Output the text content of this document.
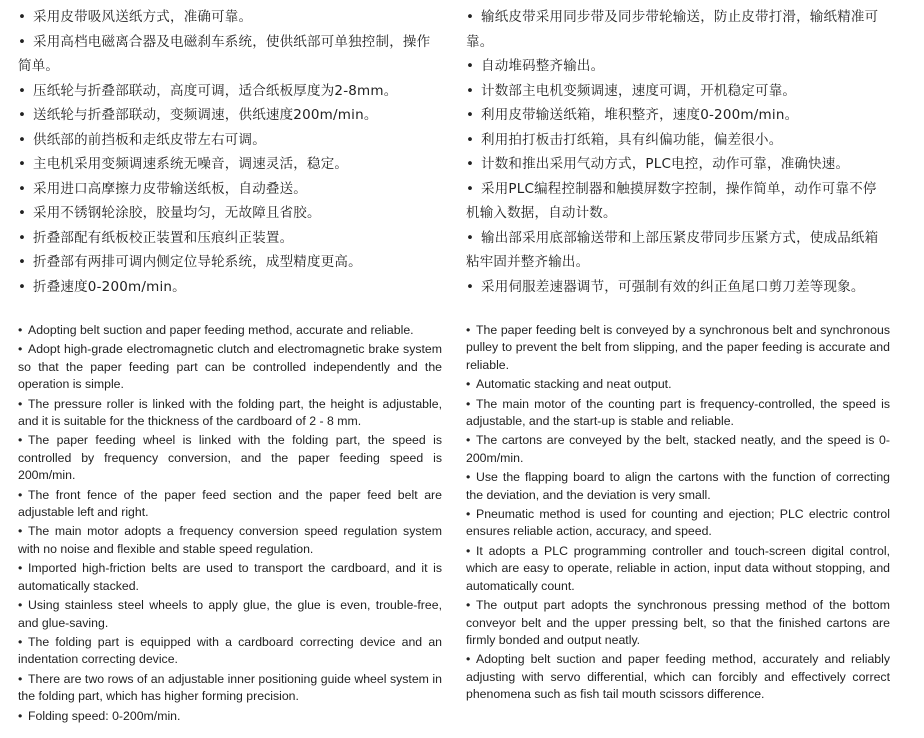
• 采用皮带吸风送纸方式，准确可靠。
• 采用高档电磁离合器及电磁刹车系统，使供纸部可单独控制，操作简单。
• 压纸轮与折叠部联动，高度可调，适合纸板厚度为2-8mm。
• 送纸轮与折叠部联动，变频调速，供纸速度200m/min。
• 供纸部的前挡板和走纸皮带左右可调。
• 主电机采用变频调速系统无噪音，调速灵活，稳定。
• 采用进口高摩擦力皮带输送纸板，自动叠送。
• 采用不锈钢轮涂胶，胶量均匀，无故障且省胶。
• 折叠部配有纸板校正装置和压痕纠正装置。
• 折叠部有两排可调内侧定位导轮系统，成型精度更高。
• 折叠速度0-200m/min。
• Adopting belt suction and paper feeding method, accurate and reliable.
• Adopt high-grade electromagnetic clutch and electromagnetic brake system so that the paper feeding part can be controlled independently and the operation is simple.
• The pressure roller is linked with the folding part, the height is adjustable, and it is suitable for the thickness of the cardboard of 2 - 8 mm.
• The paper feeding wheel is linked with the folding part, the speed is controlled by frequency conversion, and the paper feeding speed is 200m/min.
• The front fence of the paper feed section and the paper feed belt are adjustable left and right.
• The main motor adopts a frequency conversion speed regulation system with no noise and flexible and stable speed regulation.
• Imported high-friction belts are used to transport the cardboard, and it is automatically stacked.
• Using stainless steel wheels to apply glue, the glue is even, trouble-free, and glue-saving.
• The folding part is equipped with a cardboard correcting device and an indentation correcting device.
• There are two rows of an adjustable inner positioning guide wheel system in the folding part, which has higher forming precision.
• Folding speed: 0-200m/min.
• 输纸皮带采用同步带及同步带轮输送，防止皮带打滑，输纸精准可靠。
• 自动堆码整齐输出。
• 计数部主电机变频调速，速度可调，开机稳定可靠。
• 利用皮带输送纸箱，堆积整齐，速度0-200m/min。
• 利用拍打板击打纸箱，具有纠偏功能，偏差很小。
• 计数和推出采用气动方式，PLC电控，动作可靠，准确快速。
• 采用PLC编程控制器和触摸屏数字控制，操作简单，动作可靠不停机输入数据，自动计数。
• 输出部采用底部输送带和上部压紧皮带同步压紧方式，使成品纸箱粘牢固并整齐输出。
• 采用伺服差速器调节，可强制有效的纠正鱼尾口剪刀差等现象。
• The paper feeding belt is conveyed by a synchronous belt and synchronous pulley to prevent the belt from slipping, and the paper feeding is accurate and reliable.
• Automatic stacking and neat output.
• The main motor of the counting part is frequency-controlled, the speed is adjustable, and the start-up is stable and reliable.
• The cartons are conveyed by the belt, stacked neatly, and the speed is 0-200m/min.
• Use the flapping board to align the cartons with the function of correcting the deviation, and the deviation is very small.
• Pneumatic method is used for counting and ejection; PLC electric control ensures reliable action, accuracy, and speed.
• It adopts a PLC programming controller and touch-screen digital control, which are easy to operate, reliable in action, input data without stopping, and automatically count.
• The output part adopts the synchronous pressing method of the bottom conveyor belt and the upper pressing belt, so that the finished cartons are firmly bonded and output neatly.
• Adopting belt suction and paper feeding method, accurately and reliably adjusting with servo differential, which can forcibly and effectively correct phenomena such as fish tail mouth scissors difference.
